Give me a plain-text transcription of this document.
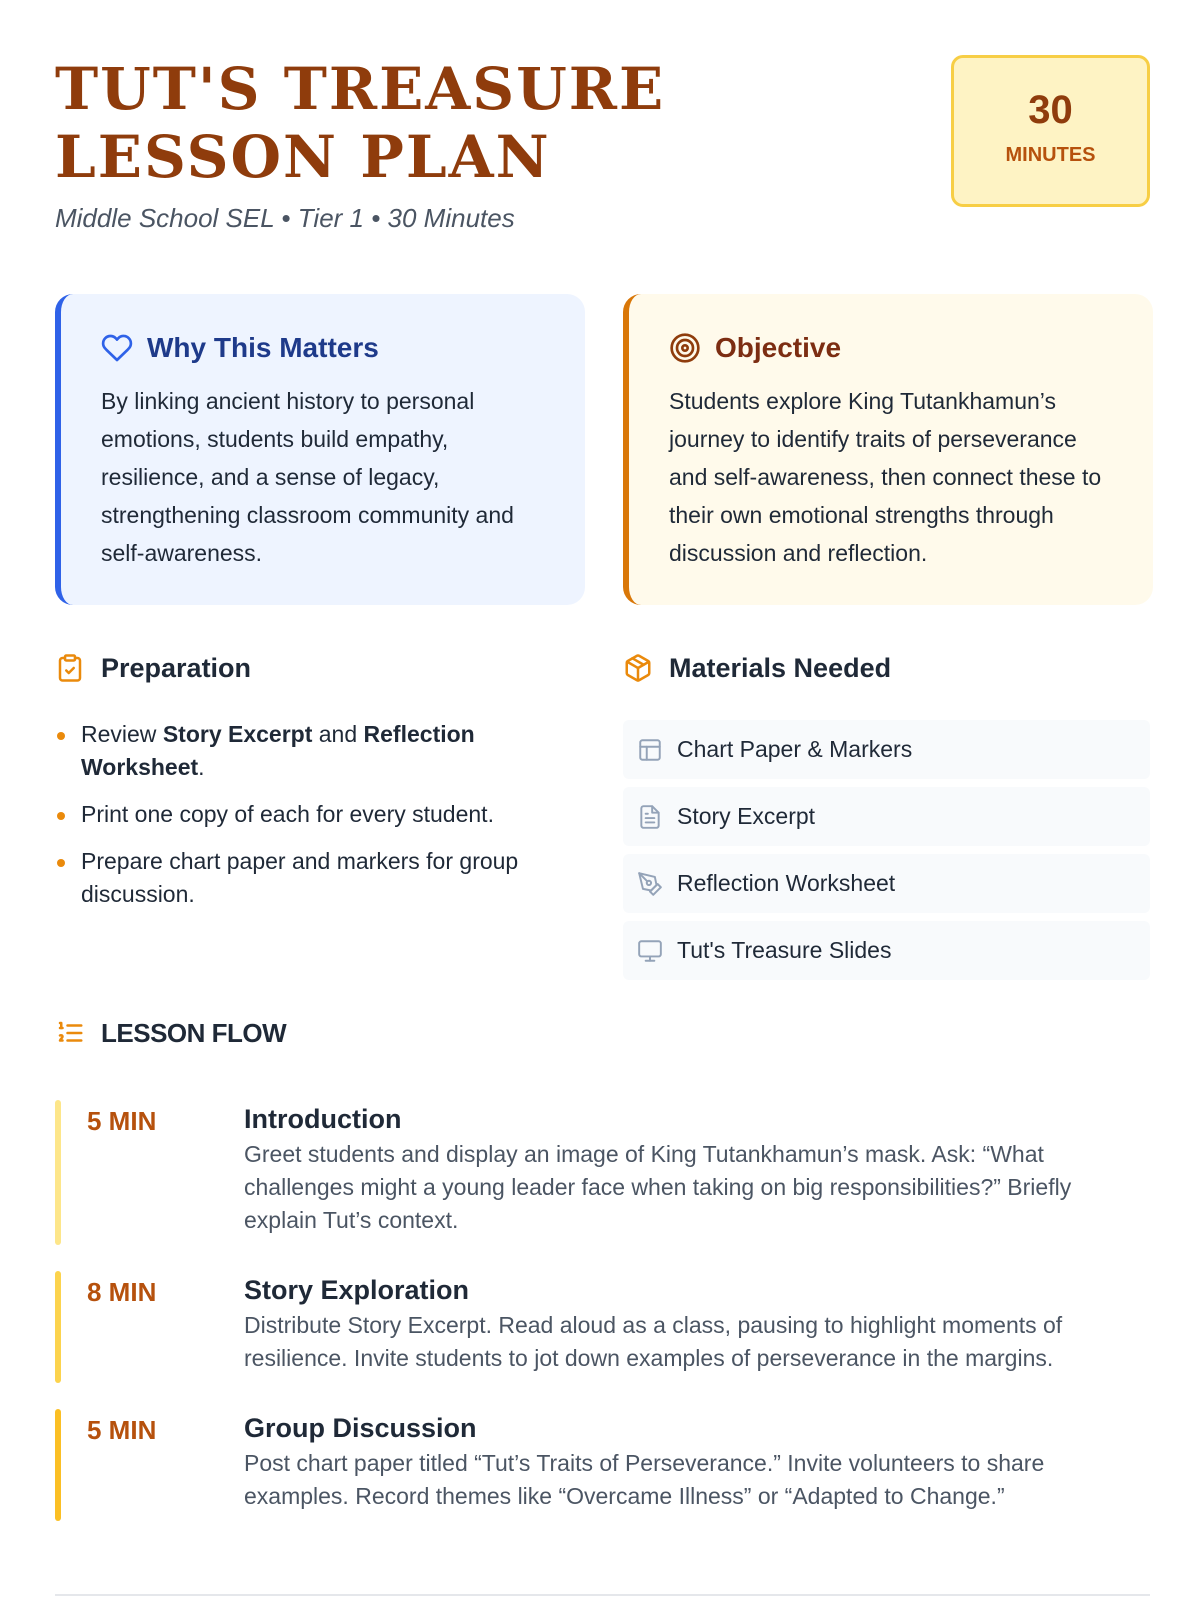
TUT'S TREASURE LESSON PLAN
Middle School SEL • Tier 1 • 30 Minutes
30
MINUTES
Why This Matters

By linking ancient history to personal emotions, students build empathy, resilience, and a sense of legacy, strengthening classroom community and self-awareness.

Objective

Students explore King Tutankhamun’s journey to identify traits of perseverance and self-awareness, then connect these to their own emotional strengths through discussion and reflection.

Preparation
Review Story Excerpt and Reflection Worksheet.
Print one copy of each for every student.
Prepare chart paper and markers for group discussion.
Materials Needed
Chart Paper & Markers
Story Excerpt
Reflection Worksheet
Tut's Treasure Slides
LESSON FLOW
5 MIN	Introduction
Greet students and display an image of King Tutankhamun’s mask. Ask: “What challenges might a young leader face when taking on big responsibilities?” Briefly explain Tut’s context.
8 MIN	Story Exploration
Distribute Story Excerpt. Read aloud as a class, pausing to highlight moments of resilience. Invite students to jot down examples of perseverance in the margins.
5 MIN	Group Discussion
Post chart paper titled “Tut’s Traits of Perseverance.” Invite volunteers to share examples. Record themes like “Overcame Illness” or “Adapted to Change.”
